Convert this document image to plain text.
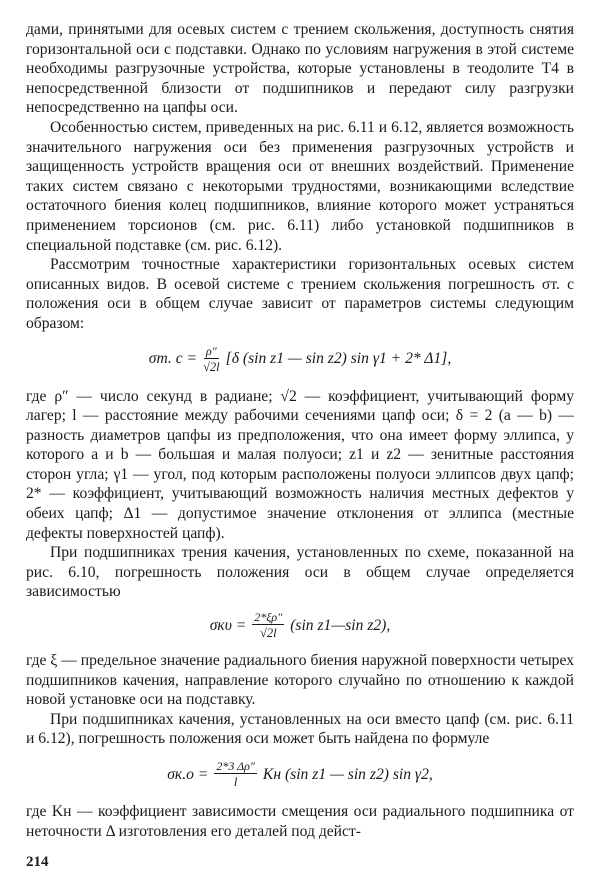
дами, принятыми для осевых систем с трением скольжения, доступность снятия горизонтальной оси с подставки. Однако по условиям нагружения в этой системе необходимы разгрузочные устройства, которые установлены в теодолите Т4 в непосредственной близости от подшипников и передают силу разгрузки непосредственно на цапфы оси.

Особенностью систем, приведенных на рис. 6.11 и 6.12, является возможность значительного нагружения оси без применения разгрузочных устройств и защищенность устройств вращения оси от внешних воздействий. Применение таких систем связано с некоторыми трудностями, возникающими вследствие остаточного биения колец подшипников, влияние которого может устраняться применением торсионов (см. рис. 6.11) либо установкой подшипников в специальной подставке (см. рис. 6.12).

Рассмотрим точностные характеристики горизонтальных осевых систем описанных видов. В осевой системе с трением скольжения погрешность σт. с положения оси в общем случае зависит от параметров системы следующим образом:

σт. $с = \frac{\rho''}{√2l} [\delta$ (sin z1 — sin z2) sin γ1 + 2* Δ1],

где ρ″ — число секунд в радиане; √2 — коэффициент, учитывающий форму лагер; l — расстояние между рабочими сечениями цапф оси; δ = 2 (a — b) — разность диаметров цапфы из предположения, что она имеет форму эллипса, у которого a и b — большая и малая полуоси; z1 и z2 — зенитные расстояния сторон угла; γ1 — угол, под которым расположены полуоси эллипсов двух цапф; 2* — коэффициент, учитывающий возможность наличия местных дефектов у обеих цапф; Δ1 — допустимое значение отклонения от эллипса (местные дефекты поверхностей цапф).

При подшипниках трения качения, установленных по схеме, показанной на рис. 6.10, погрешность положения оси в общем случае определяется зависимостью

$\sigma к\upsilon = \frac{2*\xi\rho''}{√2l} (\sin$ z1—sin z2),

где ξ — предельное значение радиального биения наружной поверхности четырех подшипников качения, направление которого случайно по отношению к каждой новой установке оси на подставку.

При подшипниках качения, установленных на оси вместо цапф (см. рис. 6.11 и 6.12), погрешность положения оси может быть найдена по формуле

$\sigma к.о = \frac{2*3 \Delta\rho''}{l}$ Kн (sin z1 — sin z2) sin γ2,

где Kн — коэффициент зависимости смещения оси радиального подшипника от неточности Δ изготовления его деталей под дейст-

214
